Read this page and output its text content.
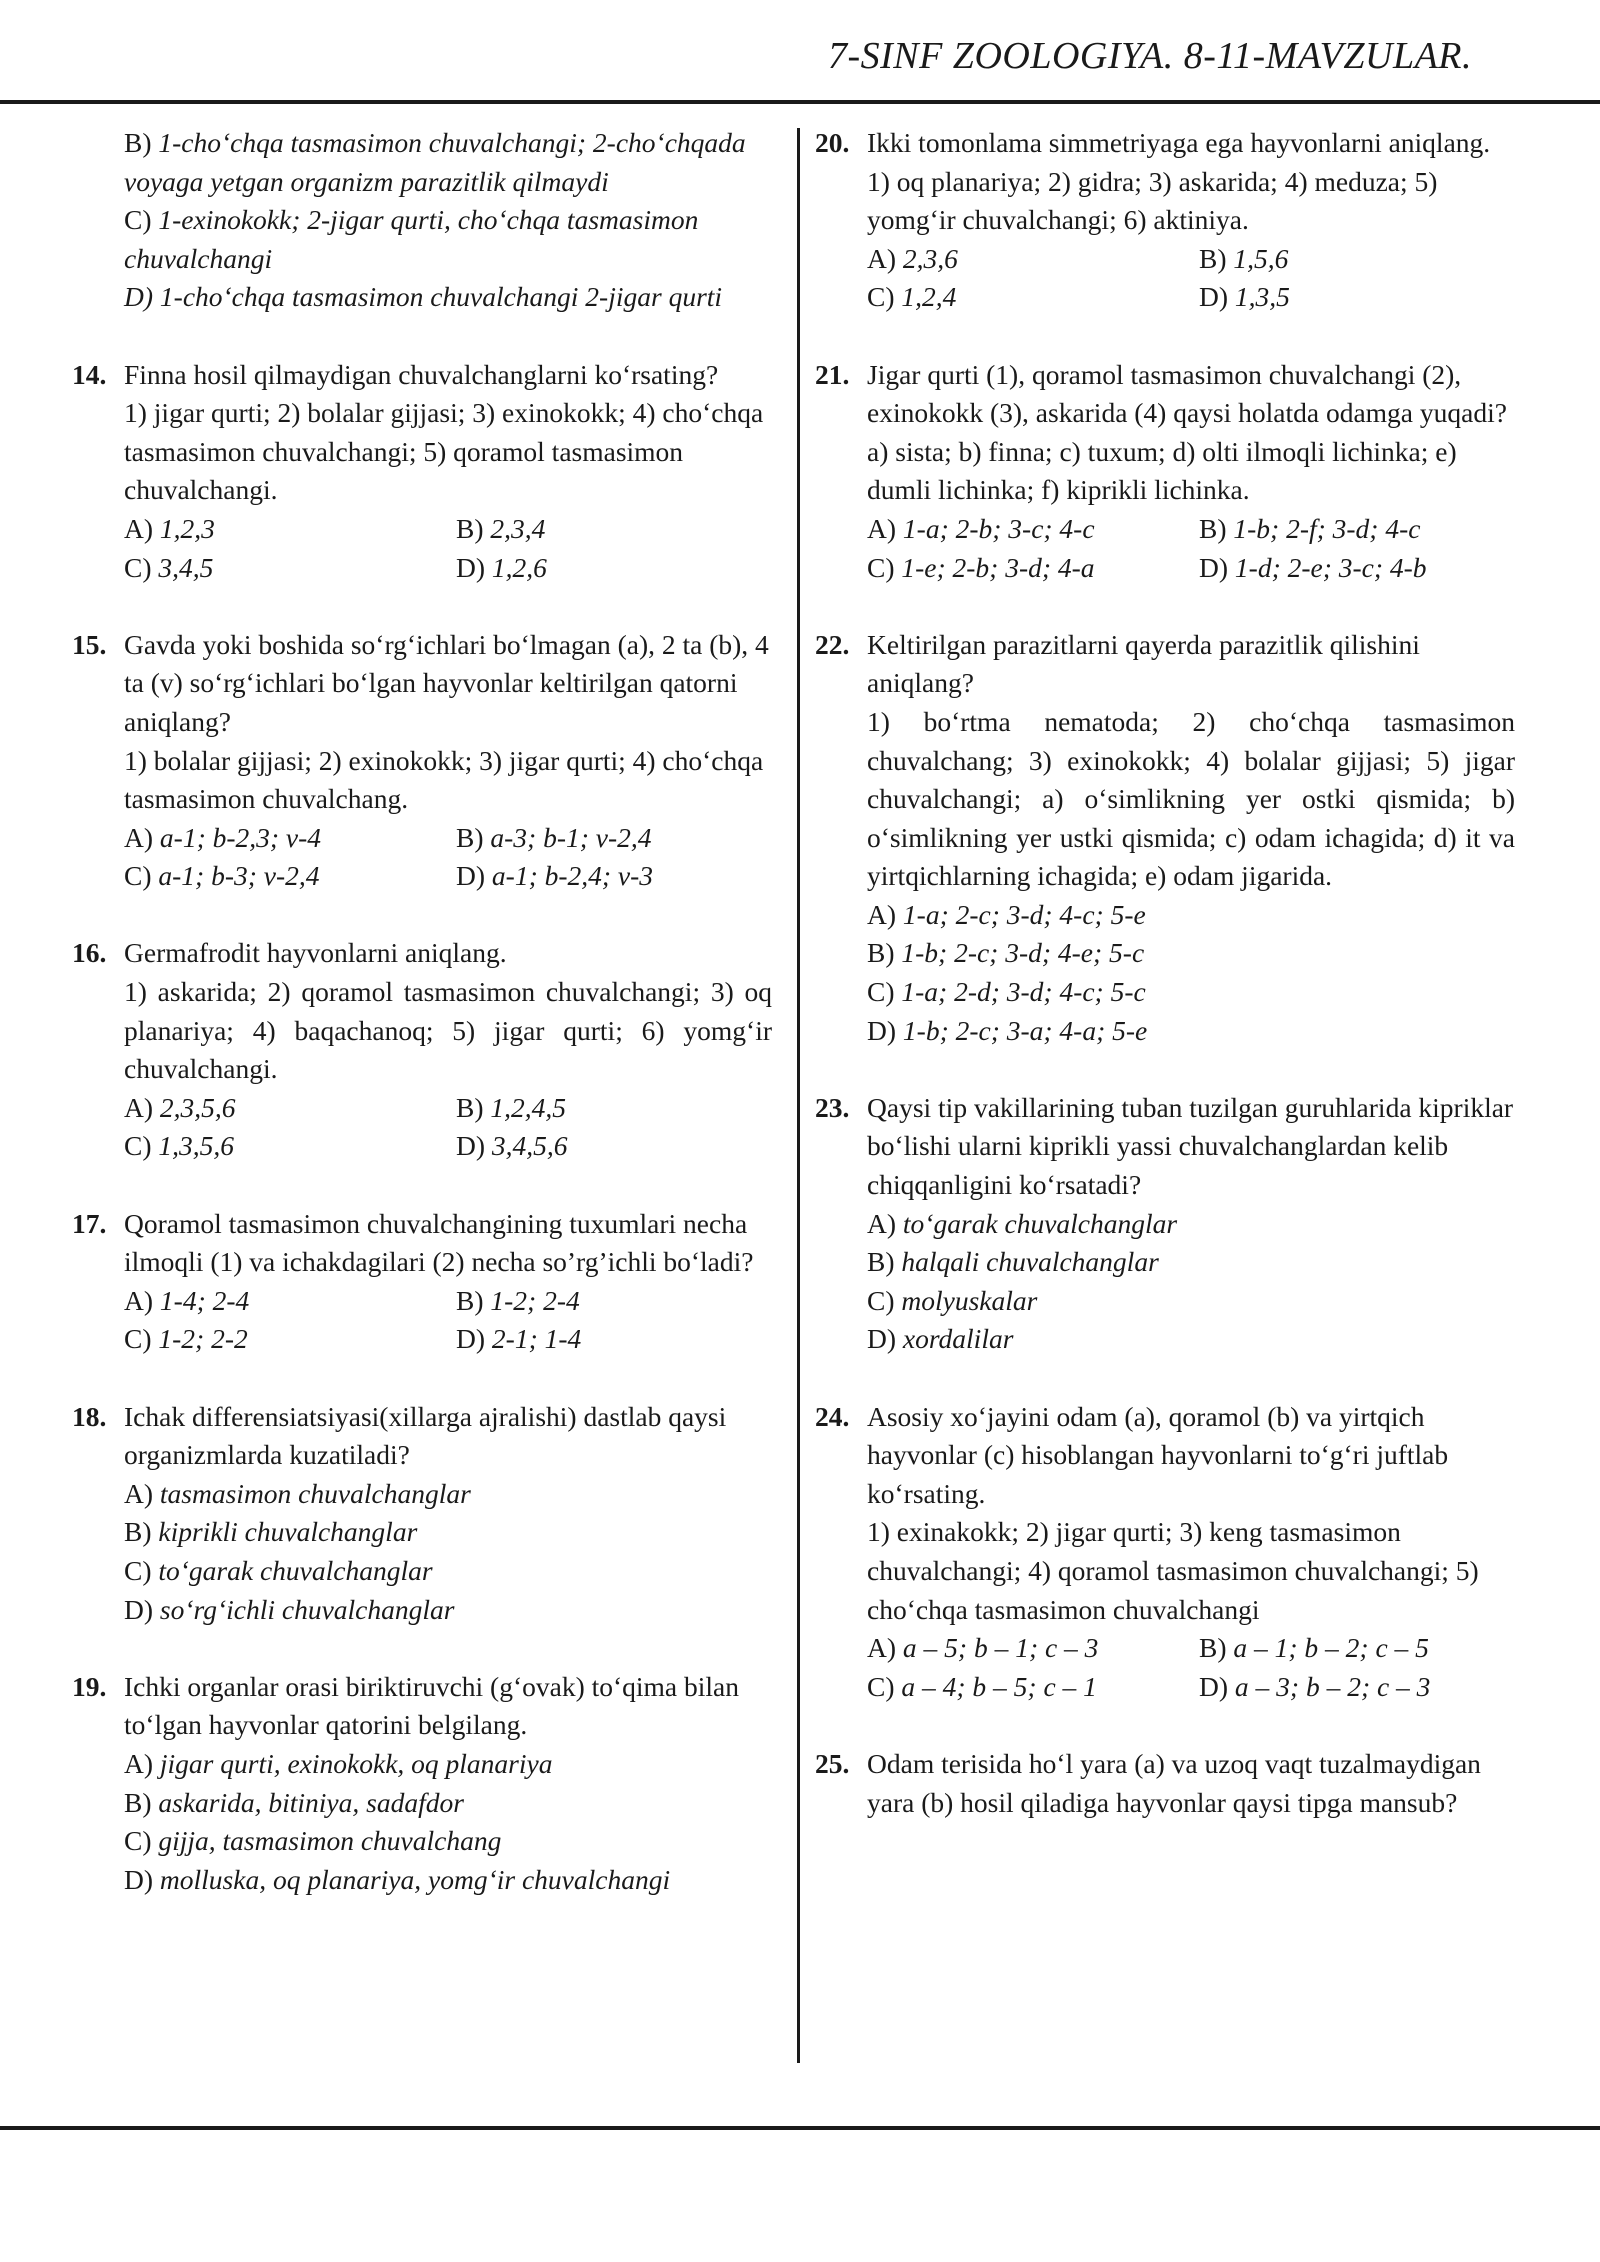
7-SINF ZOOLOGIYA. 8-11-MAVZULAR.
B) 1-cho‘chqa tasmasimon chuvalchangi; 2-cho‘chqada voyaga yetgan organizm parazitlik qilmaydi
C) 1-exinokokk; 2-jigar qurti, cho‘chqa tasmasimon chuvalchangi
D) 1-cho‘chqa tasmasimon chuvalchangi 2-jigar qurti
14. Finna hosil qilmaydigan chuvalchanglarni ko‘rsating?
1) jigar qurti; 2) bolalar gijjasi; 3) exinokokk; 4) cho‘chqa tasmasimon chuvalchangi; 5) qoramol tasmasimon chuvalchangi.
A) 1,2,3	B) 2,3,4
C) 3,4,5	D) 1,2,6
15. Gavda yoki boshida so‘rg‘ichlari bo‘lmagan (a), 2 ta (b), 4 ta (v) so‘rg‘ichlari bo‘lgan hayvonlar keltirilgan qatorni aniqlang?
1) bolalar gijjasi; 2) exinokokk; 3) jigar qurti; 4) cho‘chqa tasmasimon chuvalchang.
A) a-1; b-2,3; v-4	B) a-3; b-1; v-2,4
C) a-1; b-3; v-2,4	D) a-1; b-2,4; v-3
16. Germafrodit hayvonlarni aniqlang.
1) askarida; 2) qoramol tasmasimon chuvalchangi; 3) oq planariya; 4) baqachanoq; 5) jigar qurti; 6) yomg‘ir chuvalchangi.
A) 2,3,5,6	B) 1,2,4,5
C) 1,3,5,6	D) 3,4,5,6
17. Qoramol tasmasimon chuvalchangining tuxumlari necha ilmoqli (1) va ichakdagilari (2) necha so’rg’ichli bo‘ladi?
A) 1-4; 2-4	B) 1-2; 2-4
C) 1-2; 2-2	D) 2-1; 1-4
18. Ichak differensiatsiyasi(xillarga ajralishi) dastlab qaysi organizmlarda kuzatiladi?
A) tasmasimon chuvalchanglar
B) kiprikli chuvalchanglar
C) to‘garak chuvalchanglar
D) so‘rg‘ichli chuvalchanglar
19. Ichki organlar orasi biriktiruvchi (g‘ovak) to‘qima bilan to‘lgan hayvonlar qatorini belgilang.
A) jigar qurti, exinokokk, oq planariya
B) askarida, bitiniya, sadafdor
C) gijja, tasmasimon chuvalchang
D) molluska, oq planariya, yomg‘ir chuvalchangi
20. Ikki tomonlama simmetriyaga ega hayvonlarni aniqlang.
1) oq planariya; 2) gidra; 3) askarida; 4) meduza; 5) yomg‘ir chuvalchangi; 6) aktiniya.
A) 2,3,6	B) 1,5,6
C) 1,2,4	D) 1,3,5
21. Jigar qurti (1), qoramol tasmasimon chuvalchangi (2), exinokokk (3), askarida (4) qaysi holatda odamga yuqadi?
a) sista; b) finna; c) tuxum; d) olti ilmoqli lichinka; e) dumli lichinka; f) kiprikli lichinka.
A) 1-a; 2-b; 3-c; 4-c	B) 1-b; 2-f; 3-d; 4-c
C) 1-e; 2-b; 3-d; 4-a	D) 1-d; 2-e; 3-c; 4-b
22. Keltirilgan parazitlarni qayerda parazitlik qilishini aniqlang?
1) bo‘rtma nematoda; 2) cho‘chqa tasmasimon chuvalchang; 3) exinokokk; 4) bolalar gijjasi; 5) jigar chuvalchangi; a) o‘simlikning yer ostki qismida; b) o‘simlikning yer ustki qismida; c) odam ichagida; d) it va yirtqichlarning ichagida; e) odam jigarida.
A) 1-a; 2-c; 3-d; 4-c; 5-e
B) 1-b; 2-c; 3-d; 4-e; 5-c
C) 1-a; 2-d; 3-d; 4-c; 5-c
D) 1-b; 2-c; 3-a; 4-a; 5-e
23. Qaysi tip vakillarining tuban tuzilgan guruhlarida kipriklar bo‘lishi ularni kiprikli yassi chuvalchanglardan kelib chiqqanligini ko‘rsatadi?
A) to‘garak chuvalchanglar
B) halqali chuvalchanglar
C) molyuskalar
D) xordalilar
24. Asosiy xo‘jayini odam (a), qoramol (b) va yirtqich hayvonlar (c) hisoblangan hayvonlarni to‘g‘ri juftlab ko‘rsating.
1) exinakokk; 2) jigar qurti; 3) keng tasmasimon chuvalchangi; 4) qoramol tasmasimon chuvalchangi; 5) cho‘chqa tasmasimon chuvalchangi
A) a – 5; b – 1; c – 3	B) a – 1; b – 2; c – 5
C) a – 4; b – 5; c – 1	D) a – 3; b – 2; c – 3
25. Odam terisida ho‘l yara (a) va uzoq vaqt tuzalmaydigan yara (b) hosil qiladiga hayvonlar qaysi tipga mansub?
